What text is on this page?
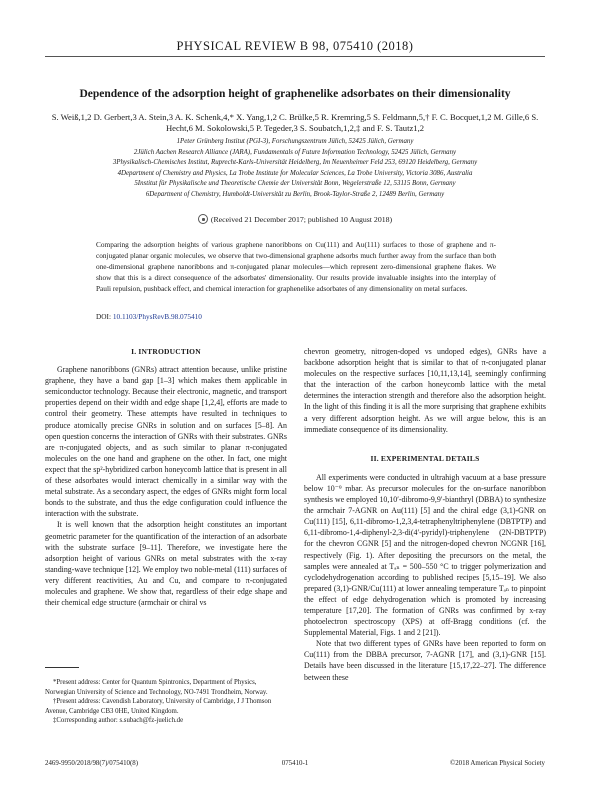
PHYSICAL REVIEW B 98, 075410 (2018)
Dependence of the adsorption height of graphenelike adsorbates on their dimensionality
S. Weiß,1,2 D. Gerbert,3 A. Stein,3 A. K. Schenk,4,* X. Yang,1,2 C. Brülke,5 R. Kremring,5 S. Feldmann,5,† F. C. Bocquet,1,2 M. Gille,6 S. Hecht,6 M. Sokolowski,5 P. Tegeder,3 S. Soubatch,1,2,‡ and F. S. Tautz1,2
1Peter Grünberg Institut (PGI-3), Forschungszentrum Jülich, 52425 Jülich, Germany
2Jülich Aachen Research Alliance (JARA), Fundamentals of Future Information Technology, 52425 Jülich, Germany
3Physikalisch-Chemisches Institut, Ruprecht-Karls-Universität Heidelberg, Im Neuenheimer Feld 253, 69120 Heidelberg, Germany
4Department of Chemistry and Physics, La Trobe Institute for Molecular Sciences, La Trobe University, Victoria 3086, Australia
5Institut für Physikalische und Theoretische Chemie der Universität Bonn, Wegelerstraße 12, 53115 Bonn, Germany
6Department of Chemistry, Humboldt-Universität zu Berlin, Brook-Taylor-Straße 2, 12489 Berlin, Germany
(Received 21 December 2017; published 10 August 2018)
Comparing the adsorption heights of various graphene nanoribbons on Cu(111) and Au(111) surfaces to those of graphene and π-conjugated planar organic molecules, we observe that two-dimensional graphene adsorbs much further away from the surface than both one-dimensional graphene nanoribbons and π-conjugated planar molecules—which represent zero-dimensional graphene flakes. We show that this is a direct consequence of the adsorbates' dimensionality. Our results provide invaluable insights into the interplay of Pauli repulsion, pushback effect, and chemical interaction for graphenelike adsorbates of any dimensionality on metal surfaces.
DOI: 10.1103/PhysRevB.98.075410
I. INTRODUCTION

Graphene nanoribbons (GNRs) attract attention because, unlike pristine graphene, they have a band gap [1–3] which makes them applicable in semiconductor technology. Because their electronic, magnetic, and transport properties depend on their width and edge shape [1,2,4], efforts are made to control their geometry. These attempts have resulted in techniques to produce atomically precise GNRs in solution and on surfaces [5–8]. An open question concerns the interaction of GNRs with their substrates. GNRs are π-conjugated objects, and as such similar to planar π-conjugated molecules on the one hand and graphene on the other. In fact, one might expect that the sp²-hybridized carbon honeycomb lattice that is present in all of these adsorbates would interact chemically in a similar way with the metal substrate. As a secondary aspect, the edges of GNRs might form local bonds to the substrate, and thus the edge configuration could influence the interaction with the substrate.

It is well known that the adsorption height constitutes an important geometric parameter for the quantification of the interaction of an adsorbate with the substrate surface [9–11]. Therefore, we investigate here the adsorption height of various GNRs on metal substrates with the x-ray standing-wave technique [12]. We employ two noble-metal (111) surfaces of very different reactivities, Au and Cu, and compare to π-conjugated molecules and graphene. We show that, regardless of their edge shape and their chemical edge structure (armchair or chiral vs

chevron geometry, nitrogen-doped vs undoped edges), GNRs have a backbone adsorption height that is similar to that of π-conjugated planar molecules on the respective surfaces [10,11,13,14], seemingly confirming that the interaction of the carbon honeycomb lattice with the metal determines the interaction strength and therefore also the adsorption height. In the light of this finding it is all the more surprising that graphene exhibits a very different adsorption height. As we will argue below, this is an immediate consequence of its dimensionality.

II. EXPERIMENTAL DETAILS

All experiments were conducted in ultrahigh vacuum at a base pressure below 10⁻⁹ mbar. As precursor molecules for the on-surface nanoribbon synthesis we employed 10,10′-dibromo-9,9′-bianthryl (DBBA) to synthesize the armchair 7-AGNR on Au(111) [5] and the chiral edge (3,1)-GNR on Cu(111) [15], 6,11-dibromo-1,2,3,4-tetraphenyltriphenylene (DBTPTP) and 6,11-dibromo-1,4-diphenyl-2,3-di(4′-pyridyl)-triphenylene (2N-DBTPTP) for the chevron CGNR [5] and the nitrogen-doped chevron NCGNR [16], respectively (Fig. 1). After depositing the precursors on the metal, the samples were annealed at Tₐₙ = 500–550 °C to trigger polymerization and cyclodehydrogenation according to published recipes [5,15–19]. We also prepared (3,1)-GNR/Cu(111) at lower annealing temperature Tₐₙ to pinpoint the effect of edge dehydrogenation which is promoted by increasing temperature [17,20]. The formation of GNRs was confirmed by x-ray photoelectron spectroscopy (XPS) at off-Bragg conditions (cf. the Supplemental Material, Figs. 1 and 2 [21]).

Note that two different types of GNRs have been reported to form on Cu(111) from the DBBA precursor, 7-AGNR [17], and (3,1)-GNR [15]. Details have been discussed in the literature [15,17,22–27]. The difference between these

*Present address: Center for Quantum Spintronics, Department of Physics, Norwegian University of Science and Technology, NO-7491 Trondheim, Norway.

†Present address: Cavendish Laboratory, University of Cambridge, J J Thomson Avenue, Cambridge CB3 0HE, United Kingdom.

‡Corresponding author: s.subach@fz-juelich.de

2469-9950/2018/98(7)/075410(8)	075410-1	©2018 American Physical Society
